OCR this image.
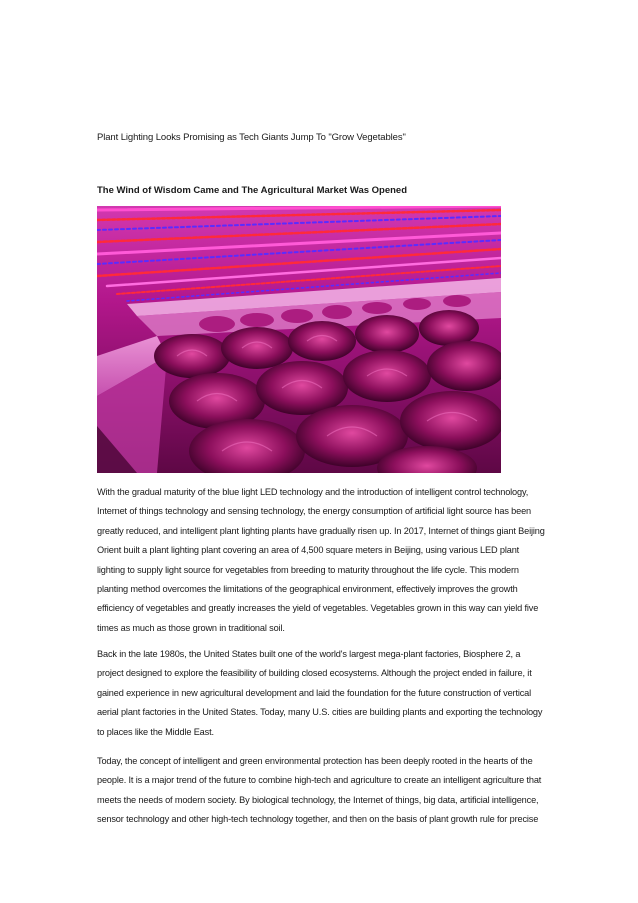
Plant Lighting Looks Promising as Tech Giants Jump To "Grow Vegetables"
The Wind of Wisdom Came and The Agricultural Market Was Opened

With the gradual maturity of the blue light LED technology and the introduction of intelligent control technology, Internet of things technology and sensing technology, the energy consumption of artificial light source has been greatly reduced, and intelligent plant lighting plants have gradually risen up. In 2017, Internet of things giant Beijing Orient built a plant lighting plant covering an area of 4,500 square meters in Beijing, using various LED plant lighting to supply light source for vegetables from breeding to maturity throughout the life cycle. This modern planting method overcomes the limitations of the geographical environment, effectively improves the growth efficiency of vegetables and greatly increases the yield of vegetables. Vegetables grown in this way can yield five times as much as those grown in traditional soil.

Back in the late 1980s, the United States built one of the world's largest mega-plant factories, Biosphere 2, a project designed to explore the feasibility of building closed ecosystems. Although the project ended in failure, it gained experience in new agricultural development and laid the foundation for the future construction of vertical aerial plant factories in the United States. Today, many U.S. cities are building plants and exporting the technology to places like the Middle East.

Today, the concept of intelligent and green environmental protection has been deeply rooted in the hearts of the people. It is a major trend of the future to combine high-tech and agriculture to create an intelligent agriculture that meets the needs of modern society. By biological technology, the Internet of things, big data, artificial intelligence, sensor technology and other high-tech technology together, and then on the basis of plant growth rule for precise
